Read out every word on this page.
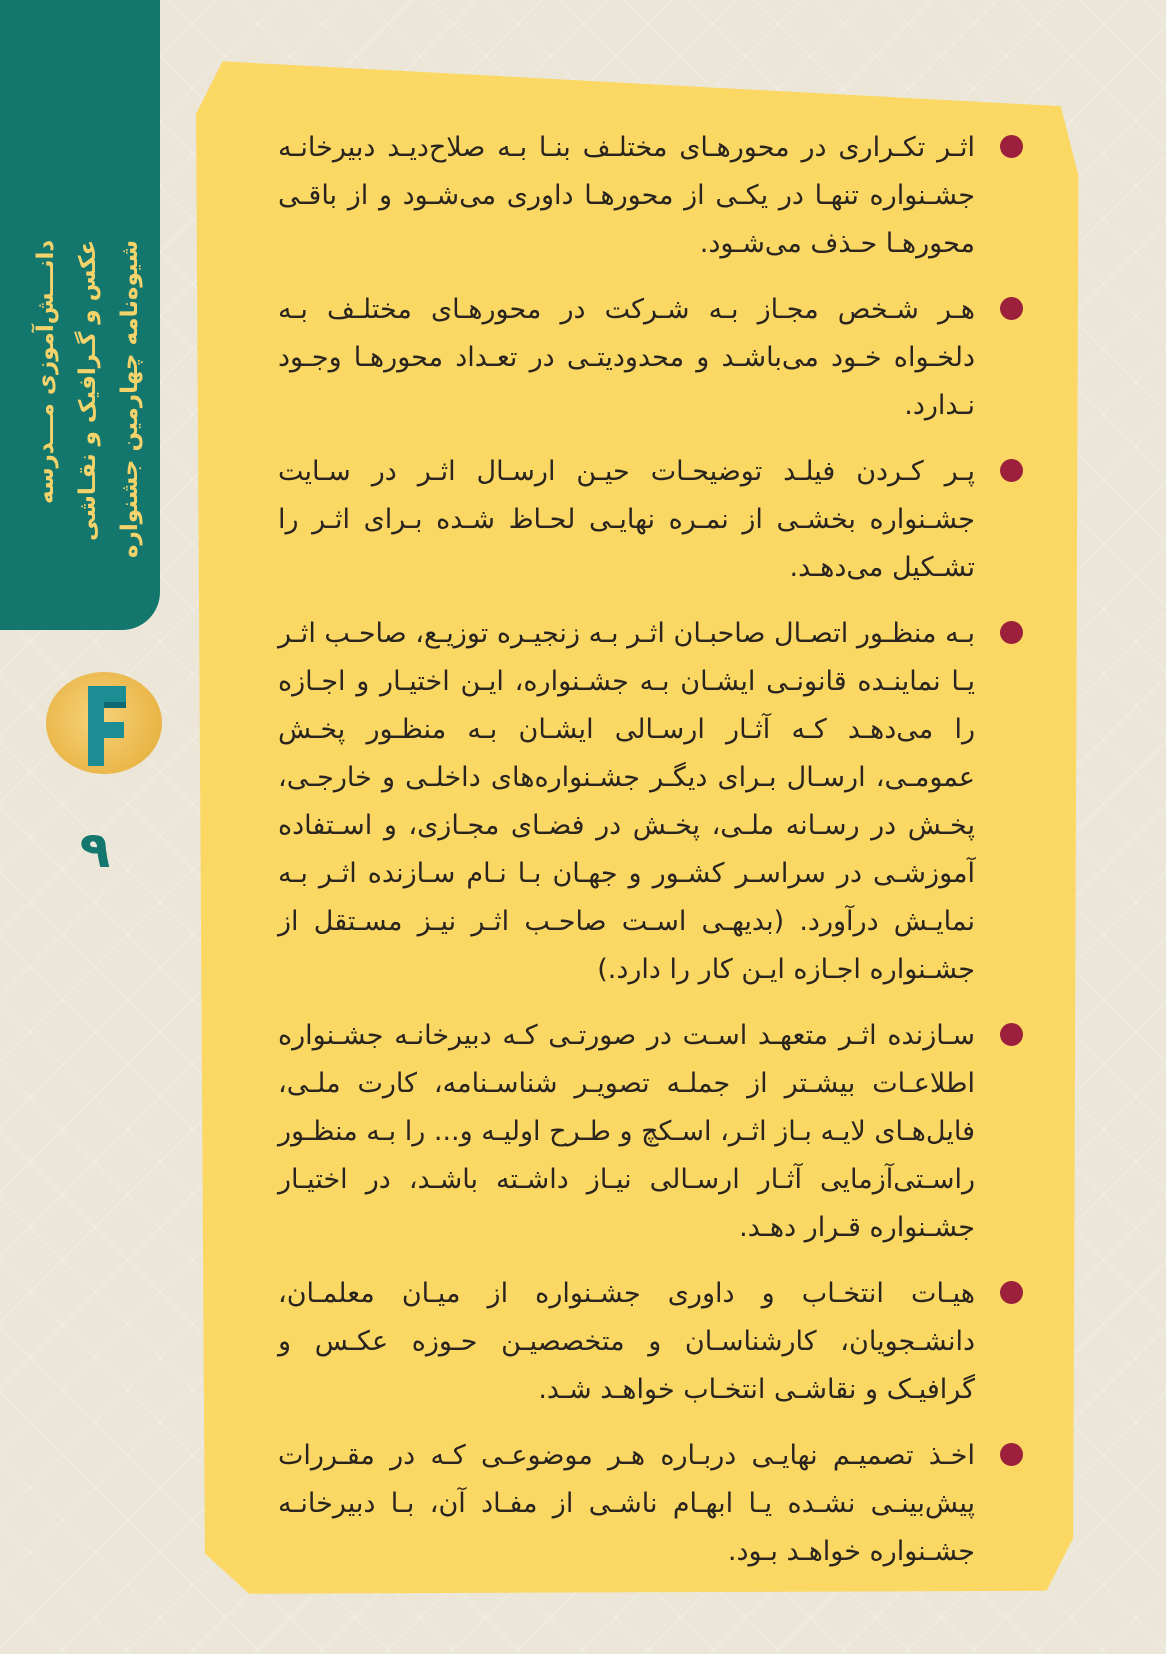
شیوه‌نامه چهارمین جشنواره
عکس و گـرافیک و نقـاشی
دانـــش‌آموزی مـــدرسه
۹
اثـر تکـراری در محورهـای مختلـف بنـا بـه صلاح‌دیـد دبیرخانـه جشـنواره تنهـا در یکـی از محورهـا داوری می‌شـود و از باقـی محورهـا حـذف می‌شـود.
هـر شـخص مجـاز بـه شـرکت در محورهـای مختلـف بـه دلخـواه خـود می‌باشـد و محدودیتـی در تعـداد محورهـا وجـود نـدارد.
پـر کـردن فیلـد توضیحـات حیـن ارسـال اثـر در سـایت جشـنواره بخشـی از نمـره نهایـی لحـاظ شـده بـرای اثـر را تشـکیل می‌دهـد.
بـه منظـور اتصـال صاحبـان اثـر بـه زنجیـره توزیـع، صاحـب اثـر یـا نماینـده قانونـی ایشـان بـه جشـنواره، ایـن اختیـار و اجـازه را می‌دهـد کـه آثـار ارسـالی ایشـان بـه منظـور پخـش عمومـی، ارسـال بـرای دیگـر جشـنواره‌های داخلـی و خارجـی، پخـش در رسـانه ملـی، پخـش در فضـای مجـازی، و اسـتفاده آموزشـی در سراسـر کشـور و جهـان بـا نـام سـازنده اثـر بـه نمایـش درآورد. (بدیهـی اسـت صاحـب اثـر نیـز مسـتقل از جشـنواره اجـازه ایـن کار را دارد.)
سـازنده اثـر متعهـد اسـت در صورتـی کـه دبیرخانـه جشـنواره اطلاعـات بیشـتر از جملـه تصویـر شناسـنامه، کارت ملـی، فایل‌هـای لایـه بـاز اثـر، اسـکچ و طـرح اولیـه و... را بـه منظـور راسـتی‌آزمایی آثـار ارسـالی نیـاز داشـته باشـد، در اختیـار جشـنواره قـرار دهـد.
هیـات انتخـاب و داوری جشـنواره از میـان معلمـان، دانشـجویان، کارشناسـان و متخصصیـن حـوزه عکـس و گرافیـک و نقاشـی انتخـاب خواهـد شـد.
اخـذ تصمیـم نهایـی دربـاره هـر موضوعـی کـه در مقـررات پیش‌بینـی نشـده یـا ابهـام ناشـی از مفـاد آن، بـا دبیرخانـه جشـنواره خواهـد بـود.
